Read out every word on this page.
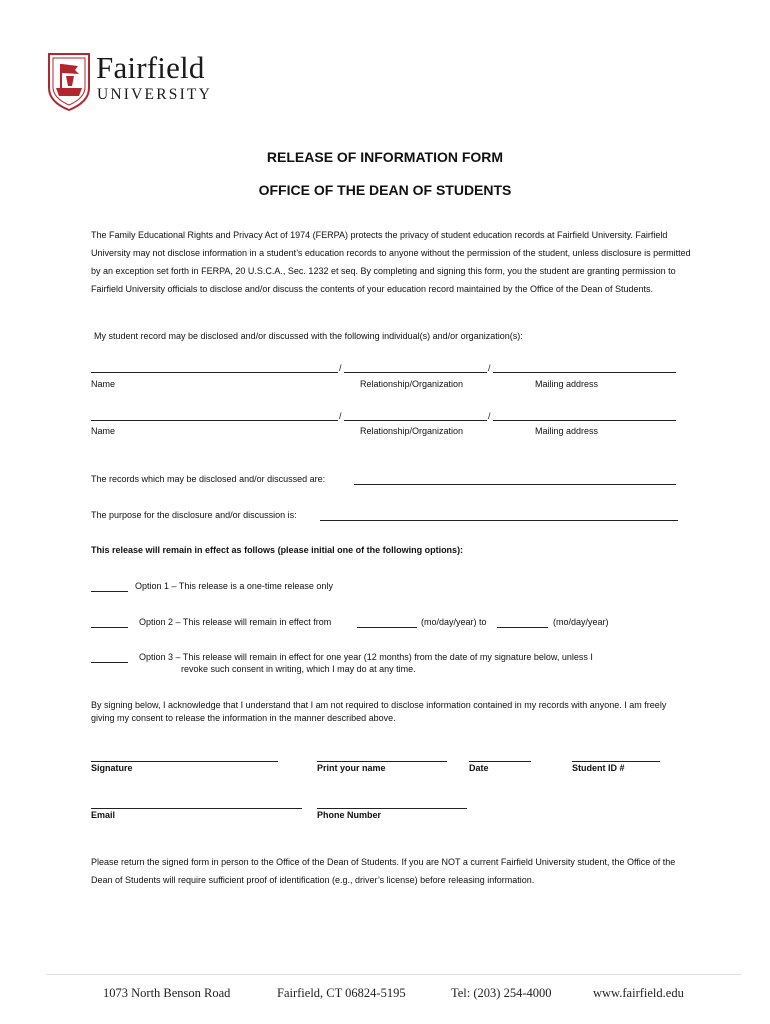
Fairfield
UNIVERSITY
RELEASE OF INFORMATION FORM
OFFICE OF THE DEAN OF STUDENTS
The Family Educational Rights and Privacy Act of 1974 (FERPA) protects the privacy of student education records at Fairfield University. Fairfield University may not disclose information in a student’s education records to anyone without the permission of the student, unless disclosure is permitted by an exception set forth in FERPA, 20 U.S.C.A., Sec. 1232 et seq. By completing and signing this form, you the student are granting permission to Fairfield University officials to disclose and/or discuss the contents of your education record maintained by the Office of the Dean of Students.
My student record may be disclosed and/or discussed with the following individual(s) and/or organization(s):
/	/
Name	Relationship/Organization	Mailing address
/	/
Name	Relationship/Organization	Mailing address
The records which may be disclosed and/or discussed are:
The purpose for the disclosure and/or discussion is:
This release will remain in effect as follows (please initial one of the following options):
Option 1 – This release is a one-time release only
Option 2 – This release will remain in effect from	(mo/day/year) to	(mo/day/year)
Option 3 – This release will remain in effect for one year (12 months) from the date of my signature below, unless I
revoke such consent in writing, which I may do at any time.
By signing below, I acknowledge that I understand that I am not required to disclose information contained in my records with anyone. I am freely giving my consent to release the information in the manner described above.
Signature	Print your name	Date	Student ID #
Email	Phone Number
Please return the signed form in person to the Office of the Dean of Students. If you are NOT a current Fairfield University student, the Office of the Dean of Students will require sufficient proof of identification (e.g., driver’s license) before releasing information.
1073 North Benson Road	Fairfield, CT 06824-5195	Tel: (203) 254-4000	www.fairfield.edu
